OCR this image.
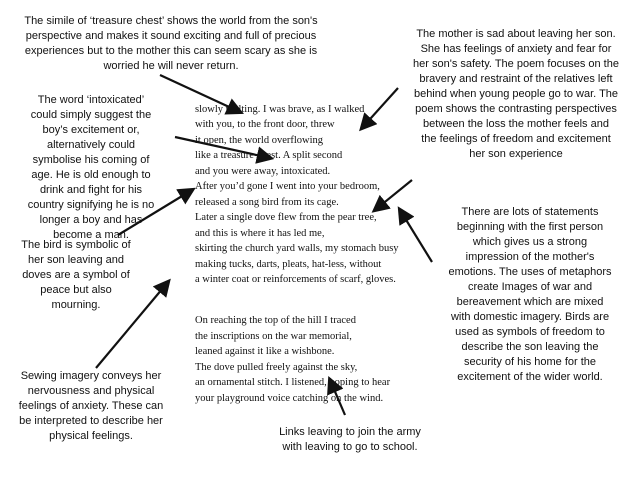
The simile of ‘treasure chest’ shows the world from the son's
perspective and makes it sound exciting and full of precious
experiences but to the mother this can seem scary as she is
worried he will never return.
The mother is sad about leaving her son.
She has feelings of anxiety and fear for
her son's safety. The poem focuses on the
bravery and restraint of the relatives left
behind when young people go to war. The
poem shows the contrasting perspectives
between the loss the mother feels and
the feelings of freedom and excitement
her son experience
The word ‘intoxicated’
could simply suggest the
boy’s excitement or,
alternatively could
symbolise his coming of
age. He is old enough to
drink and fight for his
country signifying he is no
longer a boy and has
become a man.
The bird is symbolic of
her son leaving and
doves are a symbol of
peace but also
mourning.
There are lots of statements
beginning with the first person
which gives us a strong
impression of the mother's
emotions. The uses of metaphors
create Images of war and
bereavement which are mixed
with domestic imagery. Birds are
used as symbols of freedom to
describe the son leaving the
security of his home for the
excitement of the wider world.
Sewing imagery conveys her
nervousness and physical
feelings of anxiety. These can
be interpreted to describe her
physical feelings.	Links leaving to join the army
with leaving to go to school.

slowly melting. I was brave, as I walked
with you, to the front door, threw
it open, the world overflowing
like a treasure chest. A split second
and you were away, intoxicated.
After you’d gone I went into your bedroom,
released a song bird from its cage.
Later a single dove flew from the pear tree,
and this is where it has led me,
skirting the church yard walls, my stomach busy
making tucks, darts, pleats, hat-less, without
a winter coat or reinforcements of scarf, gloves.

On reaching the top of the hill I traced
the inscriptions on the war memorial,
leaned against it like a wishbone.
The dove pulled freely against the sky,
an ornamental stitch. I listened, hoping to hear
your playground voice catching on the wind.
